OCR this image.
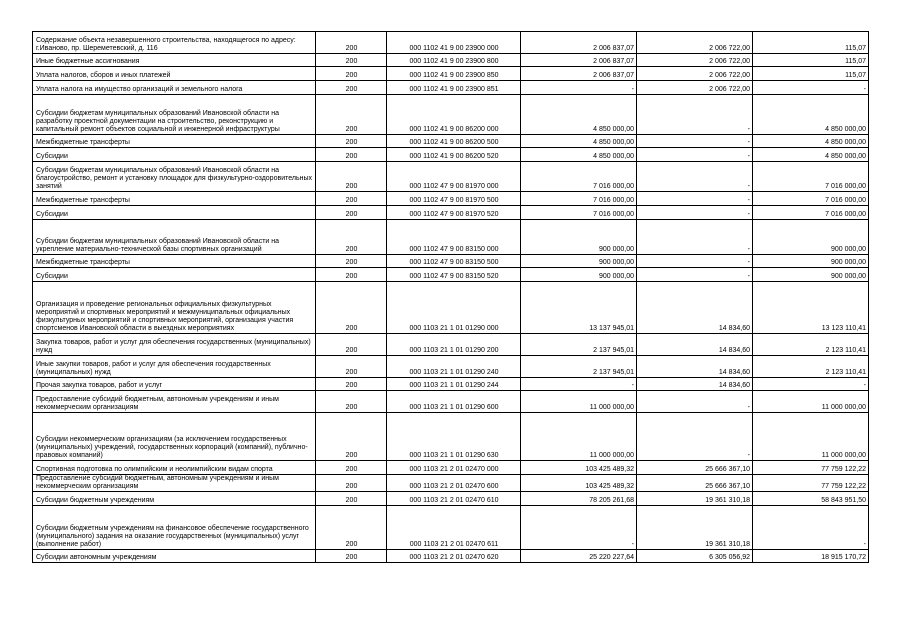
Содержание объекта незавершенного строительства, находящегося по адресу: г.Иваново, пр. Шереметевский, д. 116	200	000 1102 41 9 00 23900 000	2 006 837,07	2 006 722,00	115,07
Иные бюджетные ассигнования	200	000 1102 41 9 00 23900 800	2 006 837,07	2 006 722,00	115,07
Уплата налогов, сборов и иных платежей	200	000 1102 41 9 00 23900 850	2 006 837,07	2 006 722,00	115,07
Уплата налога на имущество организаций и земельного налога	200	000 1102 41 9 00 23900 851	-	2 006 722,00	-
Субсидии бюджетам муниципальных образований Ивановской области на разработку проектной документации на строительство, реконструкцию и капитальный ремонт объектов социальной и инженерной инфраструктуры	200	000 1102 41 9 00 86200 000	4 850 000,00	-	4 850 000,00
Межбюджетные трансферты	200	000 1102 41 9 00 86200 500	4 850 000,00	-	4 850 000,00
Субсидии	200	000 1102 41 9 00 86200 520	4 850 000,00	-	4 850 000,00
Субсидии бюджетам муниципальных образований Ивановской области на благоустройство, ремонт и установку площадок для физкультурно-оздоровительных занятий	200	000 1102 47 9 00 81970 000	7 016 000,00	-	7 016 000,00
Межбюджетные трансферты	200	000 1102 47 9 00 81970 500	7 016 000,00	-	7 016 000,00
Субсидии	200	000 1102 47 9 00 81970 520	7 016 000,00	-	7 016 000,00
Субсидии бюджетам муниципальных образований Ивановской области на укрепление материально-технической базы спортивных организаций	200	000 1102 47 9 00 83150 000	900 000,00	-	900 000,00
Межбюджетные трансферты	200	000 1102 47 9 00 83150 500	900 000,00	-	900 000,00
Субсидии	200	000 1102 47 9 00 83150 520	900 000,00	-	900 000,00
Организация и проведение региональных официальных физкультурных мероприятий и спортивных мероприятий и межмуниципальных официальных физкультурных мероприятий и спортивных мероприятий, организация участия спортсменов Ивановской области в выездных мероприятиях	200	000 1103 21 1 01 01290 000	13 137 945,01	14 834,60	13 123 110,41
Закупка товаров, работ и услуг для обеспечения государственных (муниципальных) нужд	200	000 1103 21 1 01 01290 200	2 137 945,01	14 834,60	2 123 110,41
Иные закупки товаров, работ и услуг для обеспечения государственных (муниципальных) нужд	200	000 1103 21 1 01 01290 240	2 137 945,01	14 834,60	2 123 110,41
Прочая закупка товаров, работ и услуг	200	000 1103 21 1 01 01290 244	-	14 834,60	-
Предоставление субсидий бюджетным, автономным учреждениям и иным некоммерческим организациям	200	000 1103 21 1 01 01290 600	11 000 000,00	-	11 000 000,00
Субсидии некоммерческим организациям (за исключением государственных (муниципальных) учреждений, государственных корпораций (компаний), публично-правовых компаний)	200	000 1103 21 1 01 01290 630	11 000 000,00	-	11 000 000,00
Спортивная подготовка по олимпийским и неолимпийским видам спорта	200	000 1103 21 2 01 02470 000	103 425 489,32	25 666 367,10	77 759 122,22
Предоставление субсидий бюджетным, автономным учреждениям и иным некоммерческим организациям	200	000 1103 21 2 01 02470 600	103 425 489,32	25 666 367,10	77 759 122,22
Субсидии бюджетным учреждениям	200	000 1103 21 2 01 02470 610	78 205 261,68	19 361 310,18	58 843 951,50
Субсидии бюджетным учреждениям на финансовое обеспечение государственного (муниципального) задания на оказание государственных (муниципальных) услуг (выполнение работ)	200	000 1103 21 2 01 02470 611	-	19 361 310,18	-
Субсидии автономным учреждениям	200	000 1103 21 2 01 02470 620	25 220 227,64	6 305 056,92	18 915 170,72
